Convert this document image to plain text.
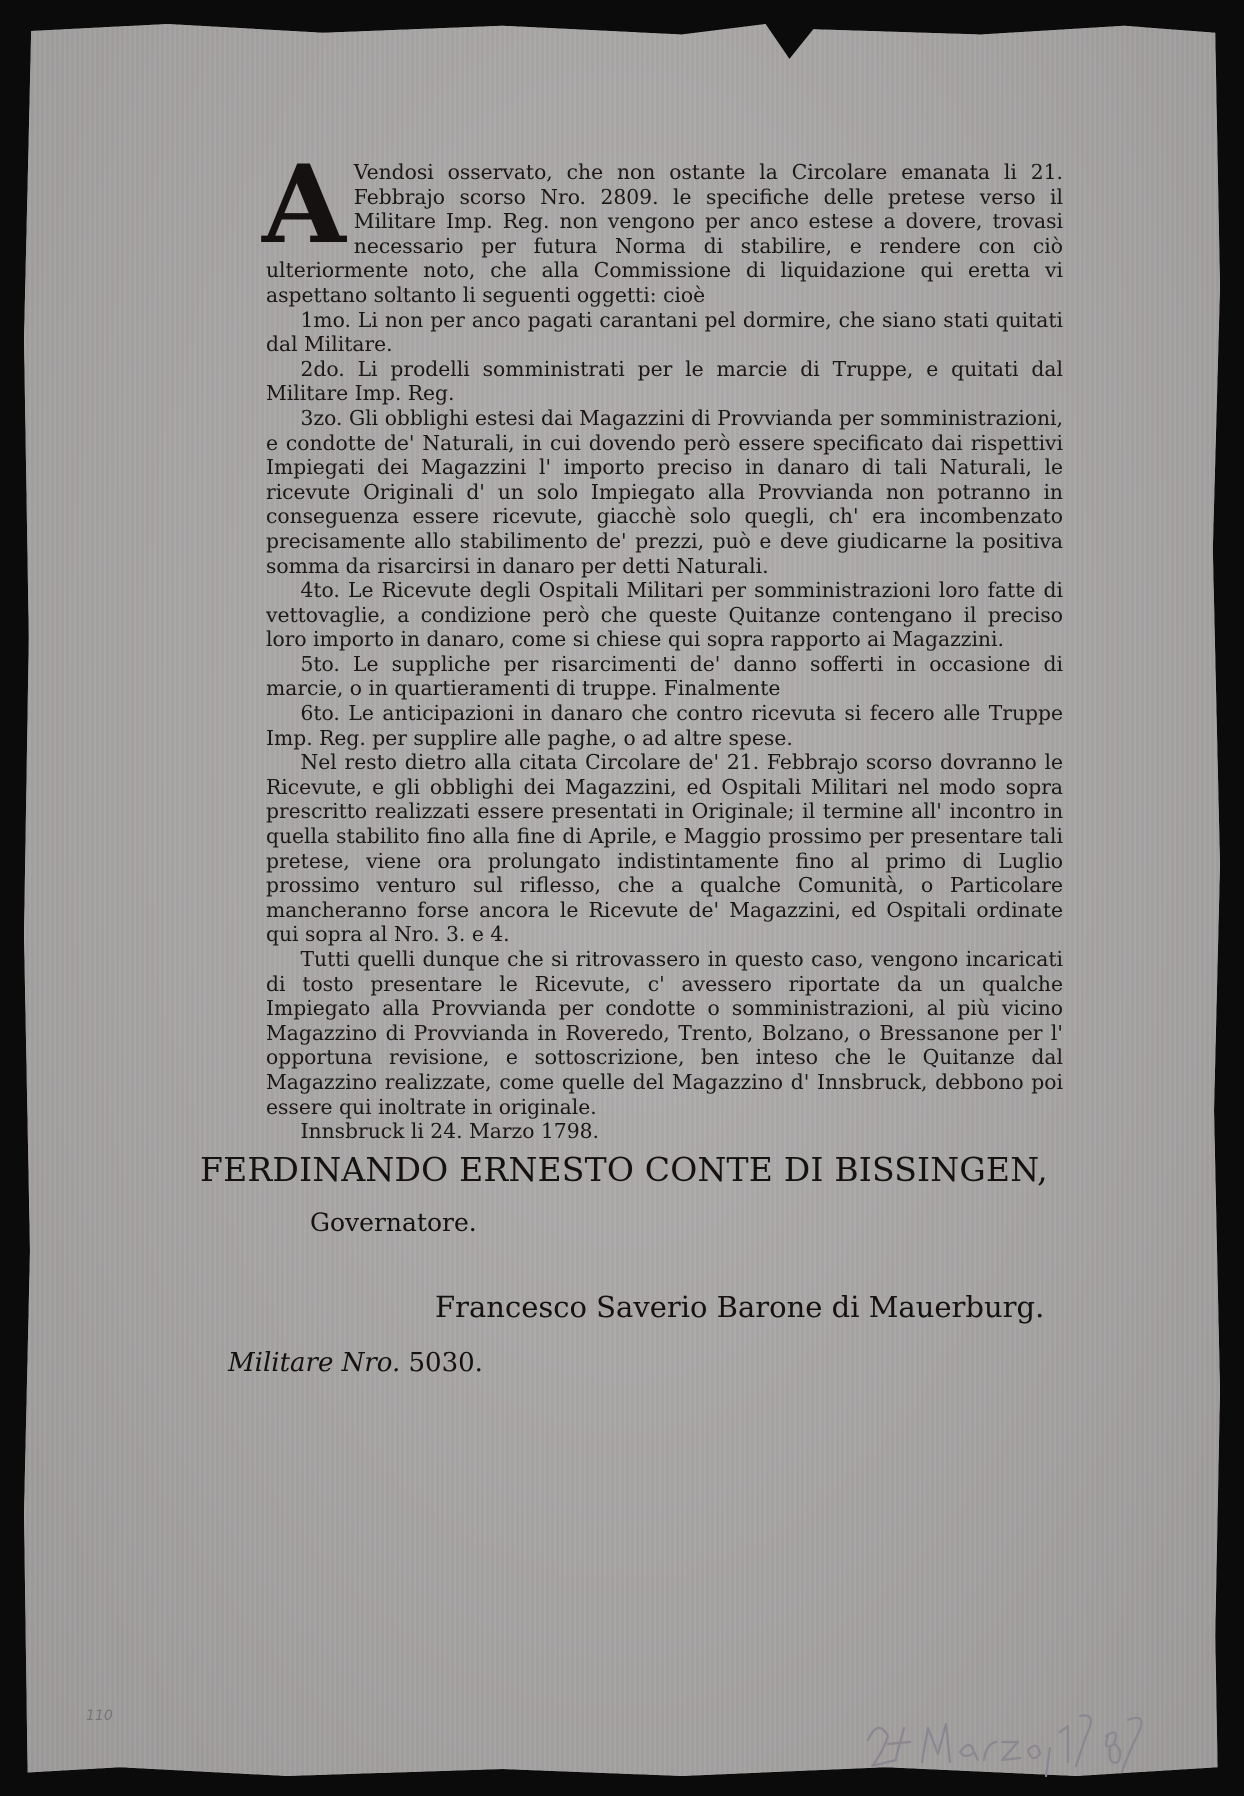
A Vendosi osservato, che non ostante la Circolare emanata li 21. Febbrajo scorso Nro. 2809. le specifiche delle pretese verso il Militare Imp. Reg. non vengono per anco estese a dovere, trovasi necessario per futura Norma di stabilire, e rendere con ciò ulteriormente noto, che alla Commissione di liquidazione qui eretta vi aspettano soltanto li seguenti oggetti: cioè

1mo. Li non per anco pagati carantani pel dormire, che siano stati quitati dal Militare.

2do. Li prodelli somministrati per le marcie di Truppe, e quitati dal Militare Imp. Reg.

3zo. Gli obblighi estesi dai Magazzini di Provvianda per somministrazioni, e condotte de' Naturali, in cui dovendo però essere specificato dai rispettivi Impiegati dei Magazzini l' importo preciso in danaro di tali Naturali, le ricevute Originali d' un solo Impiegato alla Provvianda non potranno in conseguenza essere ricevute, giacchè solo quegli, ch' era incombenzato precisamente allo stabilimento de' prezzi, può e deve giudicarne la positiva somma da risarcirsi in danaro per detti Naturali.

4to. Le Ricevute degli Ospitali Militari per somministrazioni loro fatte di vettovaglie, a condizione però che queste Quitanze contengano il preciso loro importo in danaro, come si chiese qui sopra rapporto ai Magazzini.

5to. Le suppliche per risarcimenti de' danno sofferti in occasione di marcie, o in quartieramenti di truppe. Finalmente

6to. Le anticipazioni in danaro che contro ricevuta si fecero alle Truppe Imp. Reg. per supplire alle paghe, o ad altre spese.

Nel resto dietro alla citata Circolare de' 21. Febbrajo scorso dovranno le Ricevute, e gli obblighi dei Magazzini, ed Ospitali Militari nel modo sopra prescritto realizzati essere presentati in Originale; il termine all' incontro in quella stabilito fino alla fine di Aprile, e Maggio prossimo per presentare tali pretese, viene ora prolungato indistintamente fino al primo di Luglio prossimo venturo sul riflesso, che a qualche Comunità, o Particolare mancheranno forse ancora le Ricevute de' Magazzini, ed Ospitali ordinate qui sopra al Nro. 3. e 4.

Tutti quelli dunque che si ritrovassero in questo caso, vengono incaricati di tosto presentare le Ricevute, c' avessero riportate da un qualche Impiegato alla Provvianda per condotte o somministrazioni, al più vicino Magazzino di Provvianda in Roveredo, Trento, Bolzano, o Bressanone per l' opportuna revisione, e sottoscrizione, ben inteso che le Quitanze dal Magazzino realizzate, come quelle del Magazzino d' Innsbruck, debbono poi essere qui inoltrate in originale.

Innsbruck li 24. Marzo 1798.

FERDINANDO ERNESTO CONTE DI BISSINGEN,
Governatore.
Francesco Saverio Barone di Mauerburg.
Militare Nro. 5030.
110
